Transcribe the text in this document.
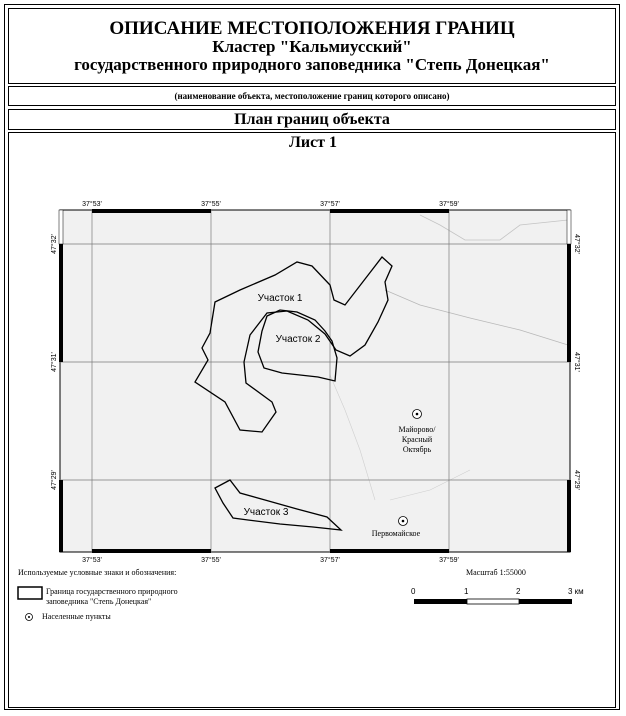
ОПИСАНИЕ МЕСТОПОЛОЖЕНИЯ ГРАНИЦ
Кластер "Кальмиусский"
государственного природного заповедника "Степь Донецкая"
(наименование объекта, местоположение границ которого описано)
План границ объекта
Лист 1
37°53'	37°55'	37°57'	37°59'
37°53'	37°55'	37°57'	37°59'
47°32'
47°31'
47°29'
47°32'
47°31'
47°29'
Участок 1
Участок 2
Участок 3
Майорово/
Красный
Октябрь
Первомайское
Используемые условные знаки и обозначения:
Граница государственного природного
заповедника "Степь Донецкая"
Населенные пункты
Масштаб 1:55000
0	1	2	3 км
